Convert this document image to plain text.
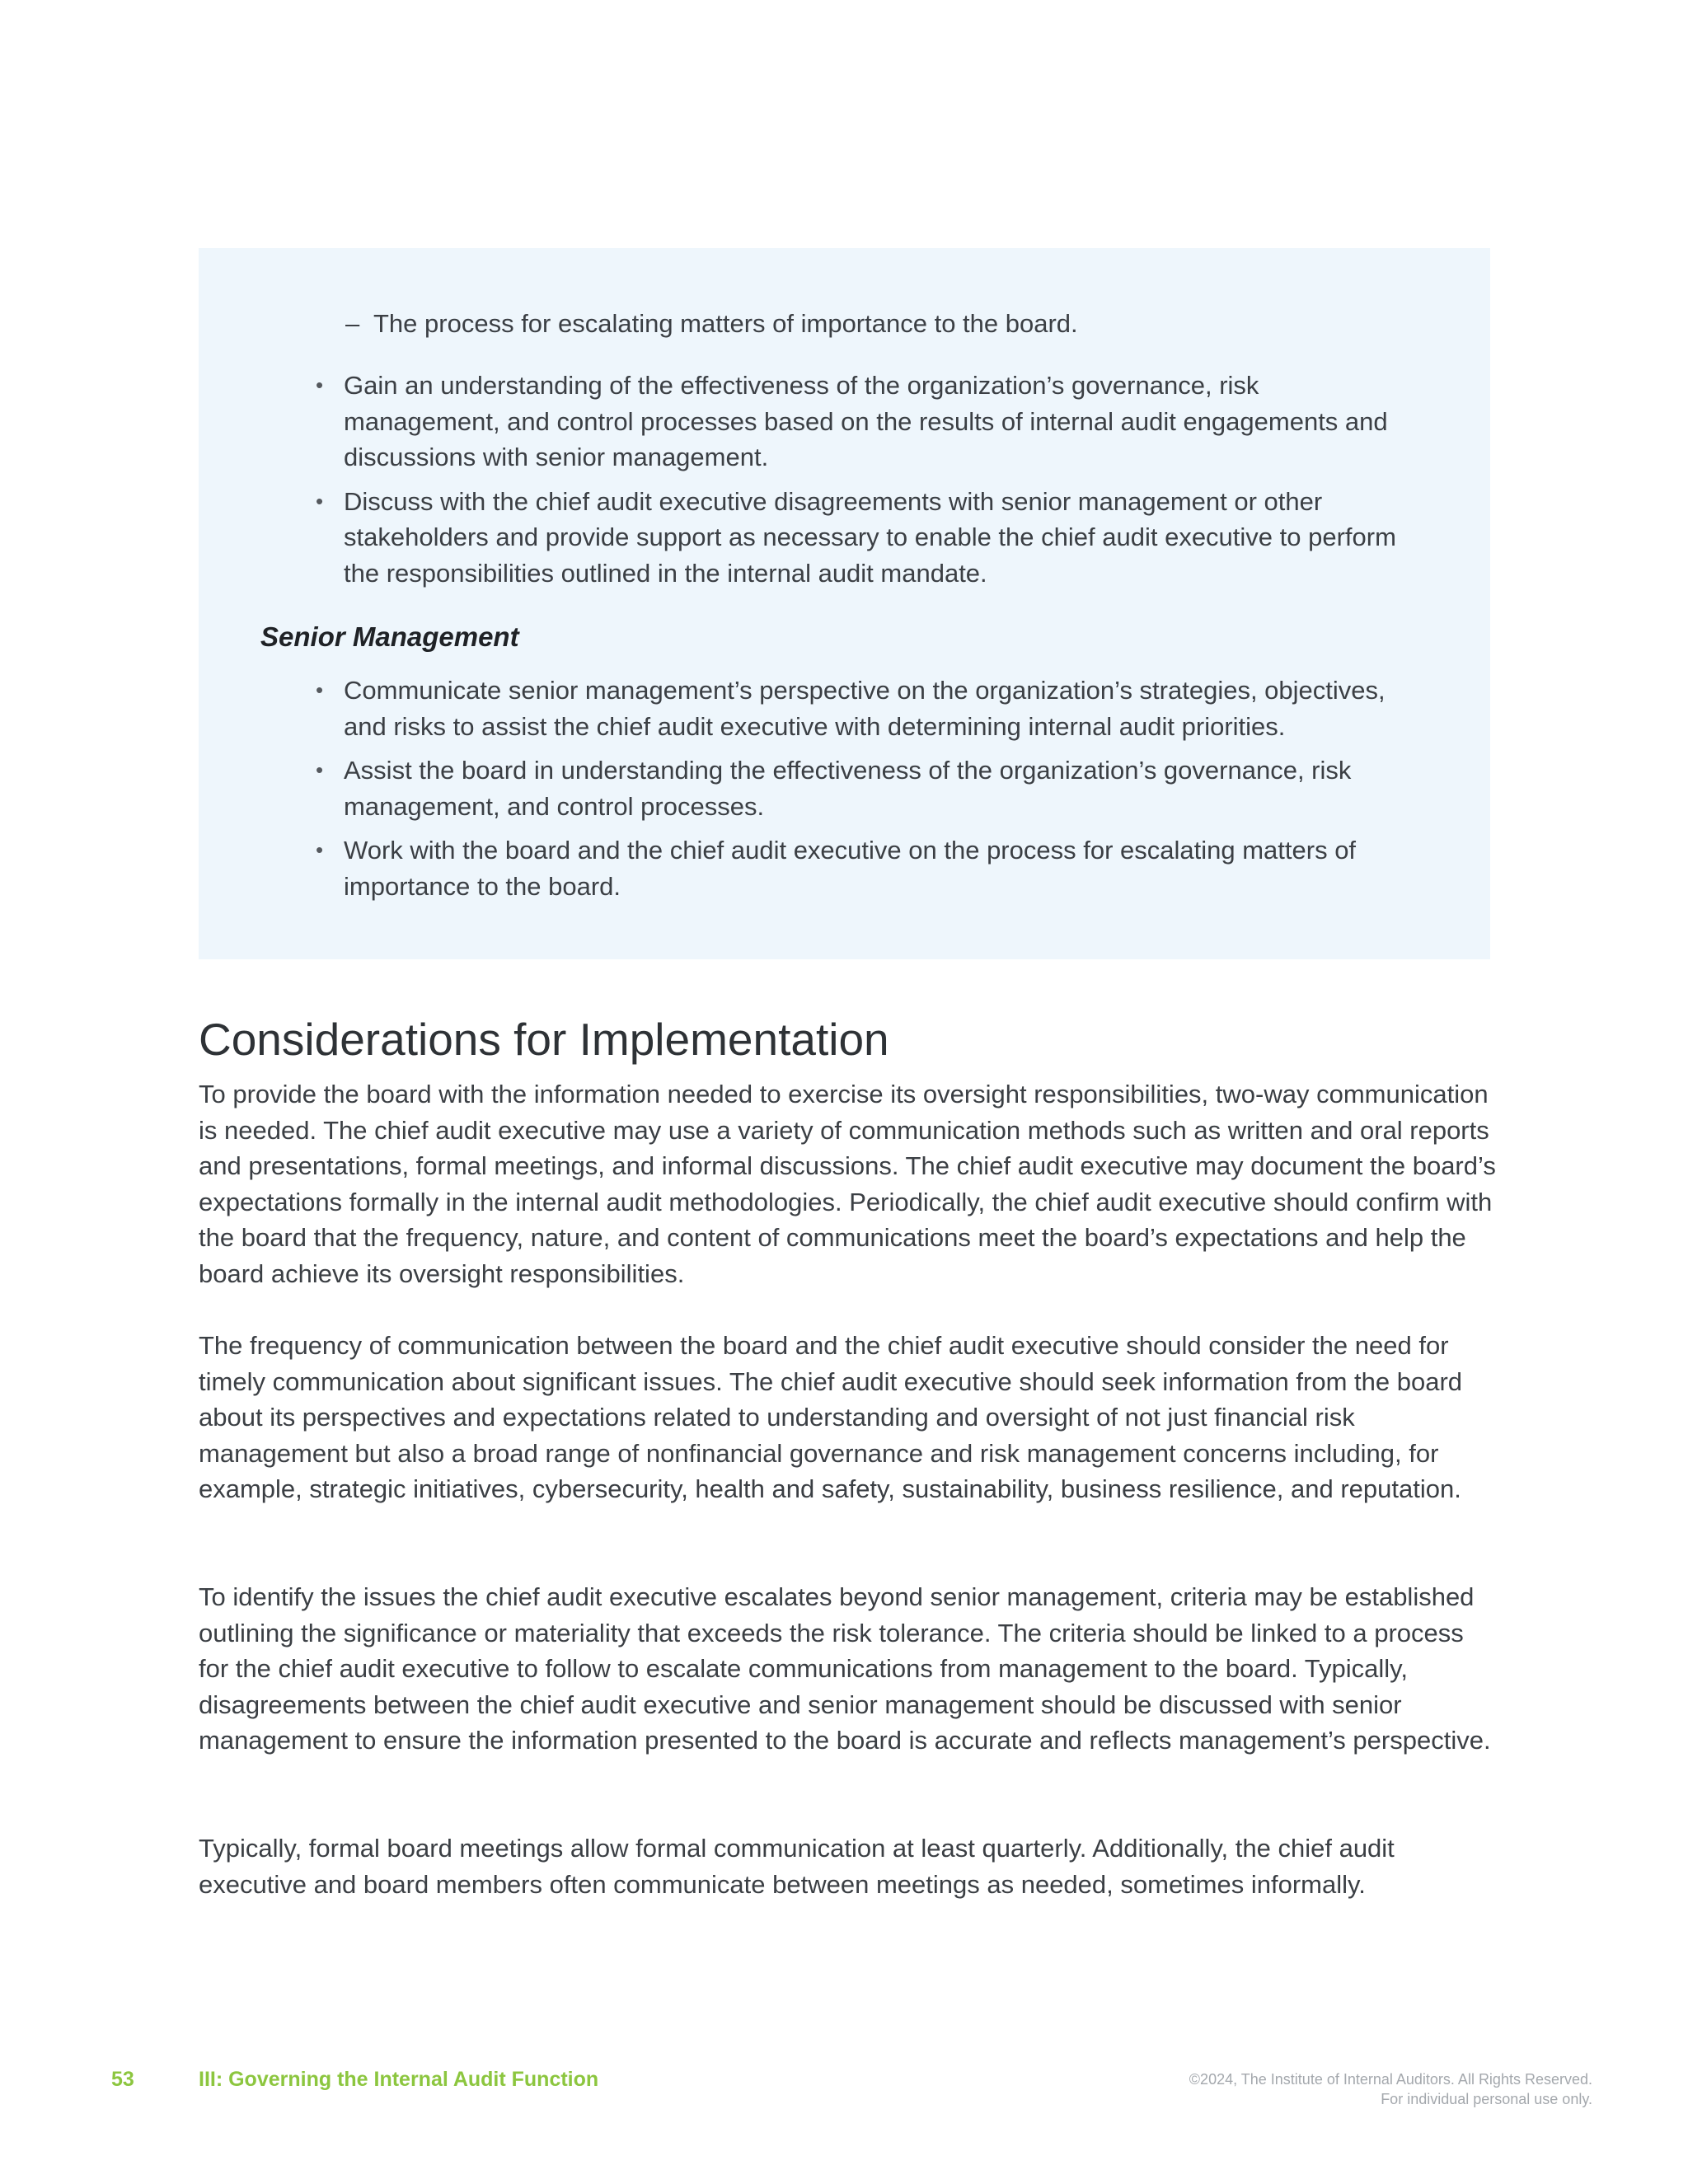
– The process for escalating matters of importance to the board.
• Gain an understanding of the effectiveness of the organization’s governance, risk management, and control processes based on the results of internal audit engagements and discussions with senior management.
• Discuss with the chief audit executive disagreements with senior management or other stakeholders and provide support as necessary to enable the chief audit executive to perform the responsibilities outlined in the internal audit mandate.
Senior Management
• Communicate senior management’s perspective on the organization’s strategies, objectives, and risks to assist the chief audit executive with determining internal audit priorities.
• Assist the board in understanding the effectiveness of the organization’s governance, risk management, and control processes.
• Work with the board and the chief audit executive on the process for escalating matters of importance to the board.
Considerations for Implementation

To provide the board with the information needed to exercise its oversight responsibilities, two-way communication is needed. The chief audit executive may use a variety of communication methods such as written and oral reports and presentations, formal meetings, and informal discussions. The chief audit executive may document the board’s expectations formally in the internal audit methodologies. Periodically, the chief audit executive should confirm with the board that the frequency, nature, and content of communications meet the board’s expectations and help the board achieve its oversight responsibilities.

The frequency of communication between the board and the chief audit executive should consider the need for timely communication about significant issues. The chief audit executive should seek information from the board about its perspectives and expectations related to understanding and oversight of not just financial risk management but also a broad range of nonfinancial governance and risk management concerns including, for example, strategic initiatives, cybersecurity, health and safety, sustainability, business resilience, and reputation.

To identify the issues the chief audit executive escalates beyond senior management, criteria may be established outlining the significance or materiality that exceeds the risk tolerance. The criteria should be linked to a process for the chief audit executive to follow to escalate communications from management to the board. Typically, disagreements between the chief audit executive and senior management should be discussed with senior management to ensure the information presented to the board is accurate and reflects management’s perspective.

Typically, formal board meetings allow formal communication at least quarterly. Additionally, the chief audit executive and board members often communicate between meetings as needed, sometimes informally.

53	III: Governing the Internal Audit Function	©2024, The Institute of Internal Auditors. All Rights Reserved.
For individual personal use only.
